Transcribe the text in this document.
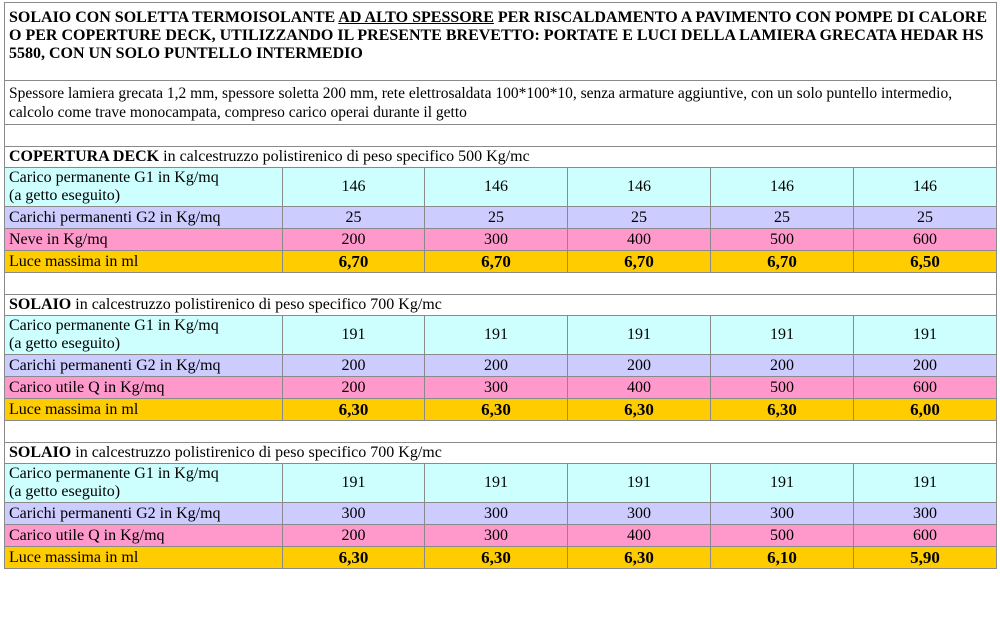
SOLAIO CON SOLETTA TERMOISOLANTE AD ALTO SPESSORE PER RISCALDAMENTO A PAVIMENTO CON POMPE DI CALORE O PER COPERTURE DECK, UTILIZZANDO IL PRESENTE BREVETTO: PORTATE E LUCI DELLA LAMIERA GRECATA HEDAR HS 5580, CON UN SOLO PUNTELLO INTERMEDIO					
Spessore lamiera grecata 1,2 mm, spessore soletta 200 mm, rete elettrosaldata 100*100*10, senza armature aggiuntive, con un solo puntello intermedio, calcolo come trave monocampata, compreso carico operai durante il getto					

COPERTURA DECK in calcestruzzo polistirenico di peso specifico 500 Kg/mc					
Carico permanente G1 in Kg/mq
(a getto eseguito)	146	146	146	146	146
Carichi permanenti G2 in Kg/mq	25	25	25	25	25
Neve in Kg/mq	200	300	400	500	600
Luce massima in ml	6,70	6,70	6,70	6,70	6,50

SOLAIO in calcestruzzo polistirenico di peso specifico 700 Kg/mc					
Carico permanente G1 in Kg/mq
(a getto eseguito)	191	191	191	191	191
Carichi permanenti G2 in Kg/mq	200	200	200	200	200
Carico utile Q in Kg/mq	200	300	400	500	600
Luce massima in ml	6,30	6,30	6,30	6,30	6,00

SOLAIO in calcestruzzo polistirenico di peso specifico 700 Kg/mc					
Carico permanente G1 in Kg/mq
(a getto eseguito)	191	191	191	191	191
Carichi permanenti G2 in Kg/mq	300	300	300	300	300
Carico utile Q in Kg/mq	200	300	400	500	600
Luce massima in ml	6,30	6,30	6,30	6,10	5,90
